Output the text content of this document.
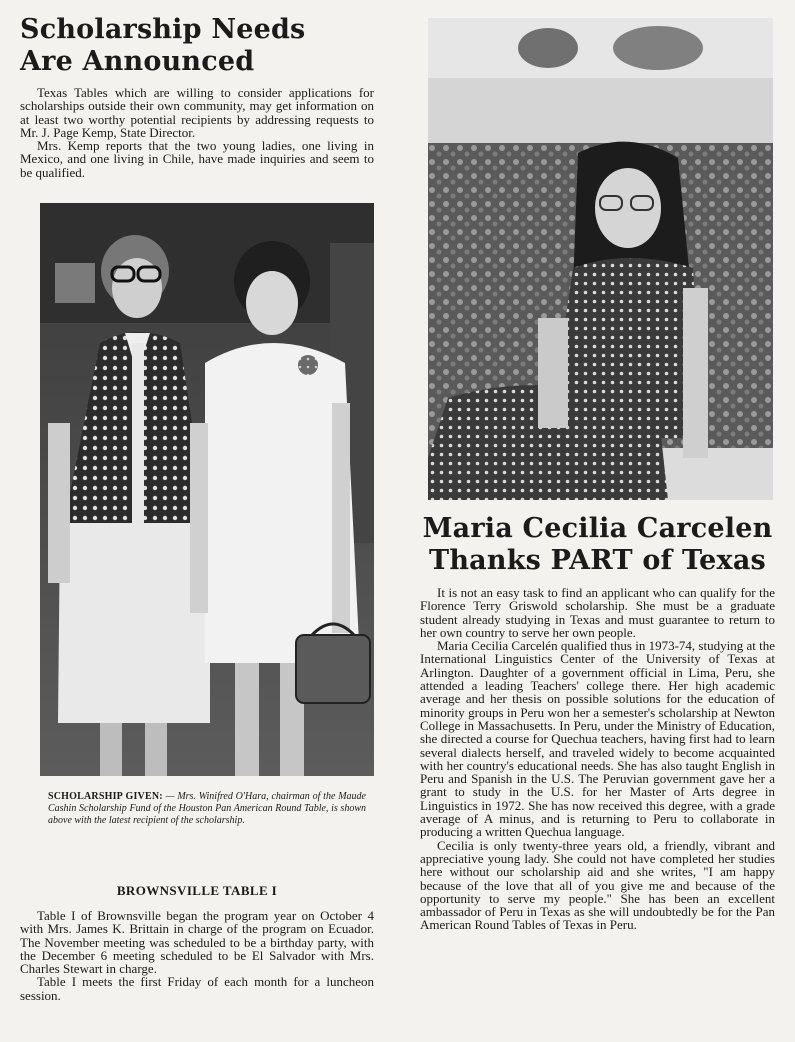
Scholarship Needs
Are Announced

Texas Tables which are willing to consider applications for scholarships outside their own community, may get information on at least two worthy potential recipients by addressing requests to Mr. J. Page Kemp, State Director.

Mrs. Kemp reports that the two young ladies, one living in Mexico, and one living in Chile, have made inquiries and seem to be qualified.

SCHOLARSHIP GIVEN: — Mrs. Winifred O'Hara, chairman of the Maude Cashin Scholarship Fund of the Houston Pan American Round Table, is shown above with the latest recipient of the scholarship.

BROWNSVILLE TABLE I

Table I of Brownsville began the program year on October 4 with Mrs. James K. Brittain in charge of the program on Ecuador. The November meeting was scheduled to be a birthday party, with the December 6 meeting scheduled to be El Salvador with Mrs. Charles Stewart in charge.

Table I meets the first Friday of each month for a luncheon session.

Maria Cecilia Carcelen
Thanks PART of Texas

It is not an easy task to find an applicant who can qualify for the Florence Terry Griswold scholarship. She must be a graduate student already studying in Texas and must guarantee to return to her own country to serve her own people.

Maria Cecilia Carcelén qualified thus in 1973-74, studying at the International Linguistics Center of the University of Texas at Arlington. Daughter of a government official in Lima, Peru, she attended a leading Teachers' college there. Her high academic average and her thesis on possible solutions for the education of minority groups in Peru won her a semester's scholarship at Newton College in Massachusetts. In Peru, under the Ministry of Education, she directed a course for Quechua teachers, having first had to learn several dialects herself, and traveled widely to become acquainted with her country's educational needs. She has also taught English in Peru and Spanish in the U.S. The Peruvian government gave her a grant to study in the U.S. for her Master of Arts degree in Linguistics in 1972. She has now received this degree, with a grade average of A minus, and is returning to Peru to collaborate in producing a written Quechua language.

Cecilia is only twenty-three years old, a friendly, vibrant and appreciative young lady. She could not have completed her studies here without our scholarship aid and she writes, "I am happy because of the love that all of you give me and because of the opportunity to serve my people." She has been an excellent ambassador of Peru in Texas as she will undoubtedly be for the Pan American Round Tables of Texas in Peru.
